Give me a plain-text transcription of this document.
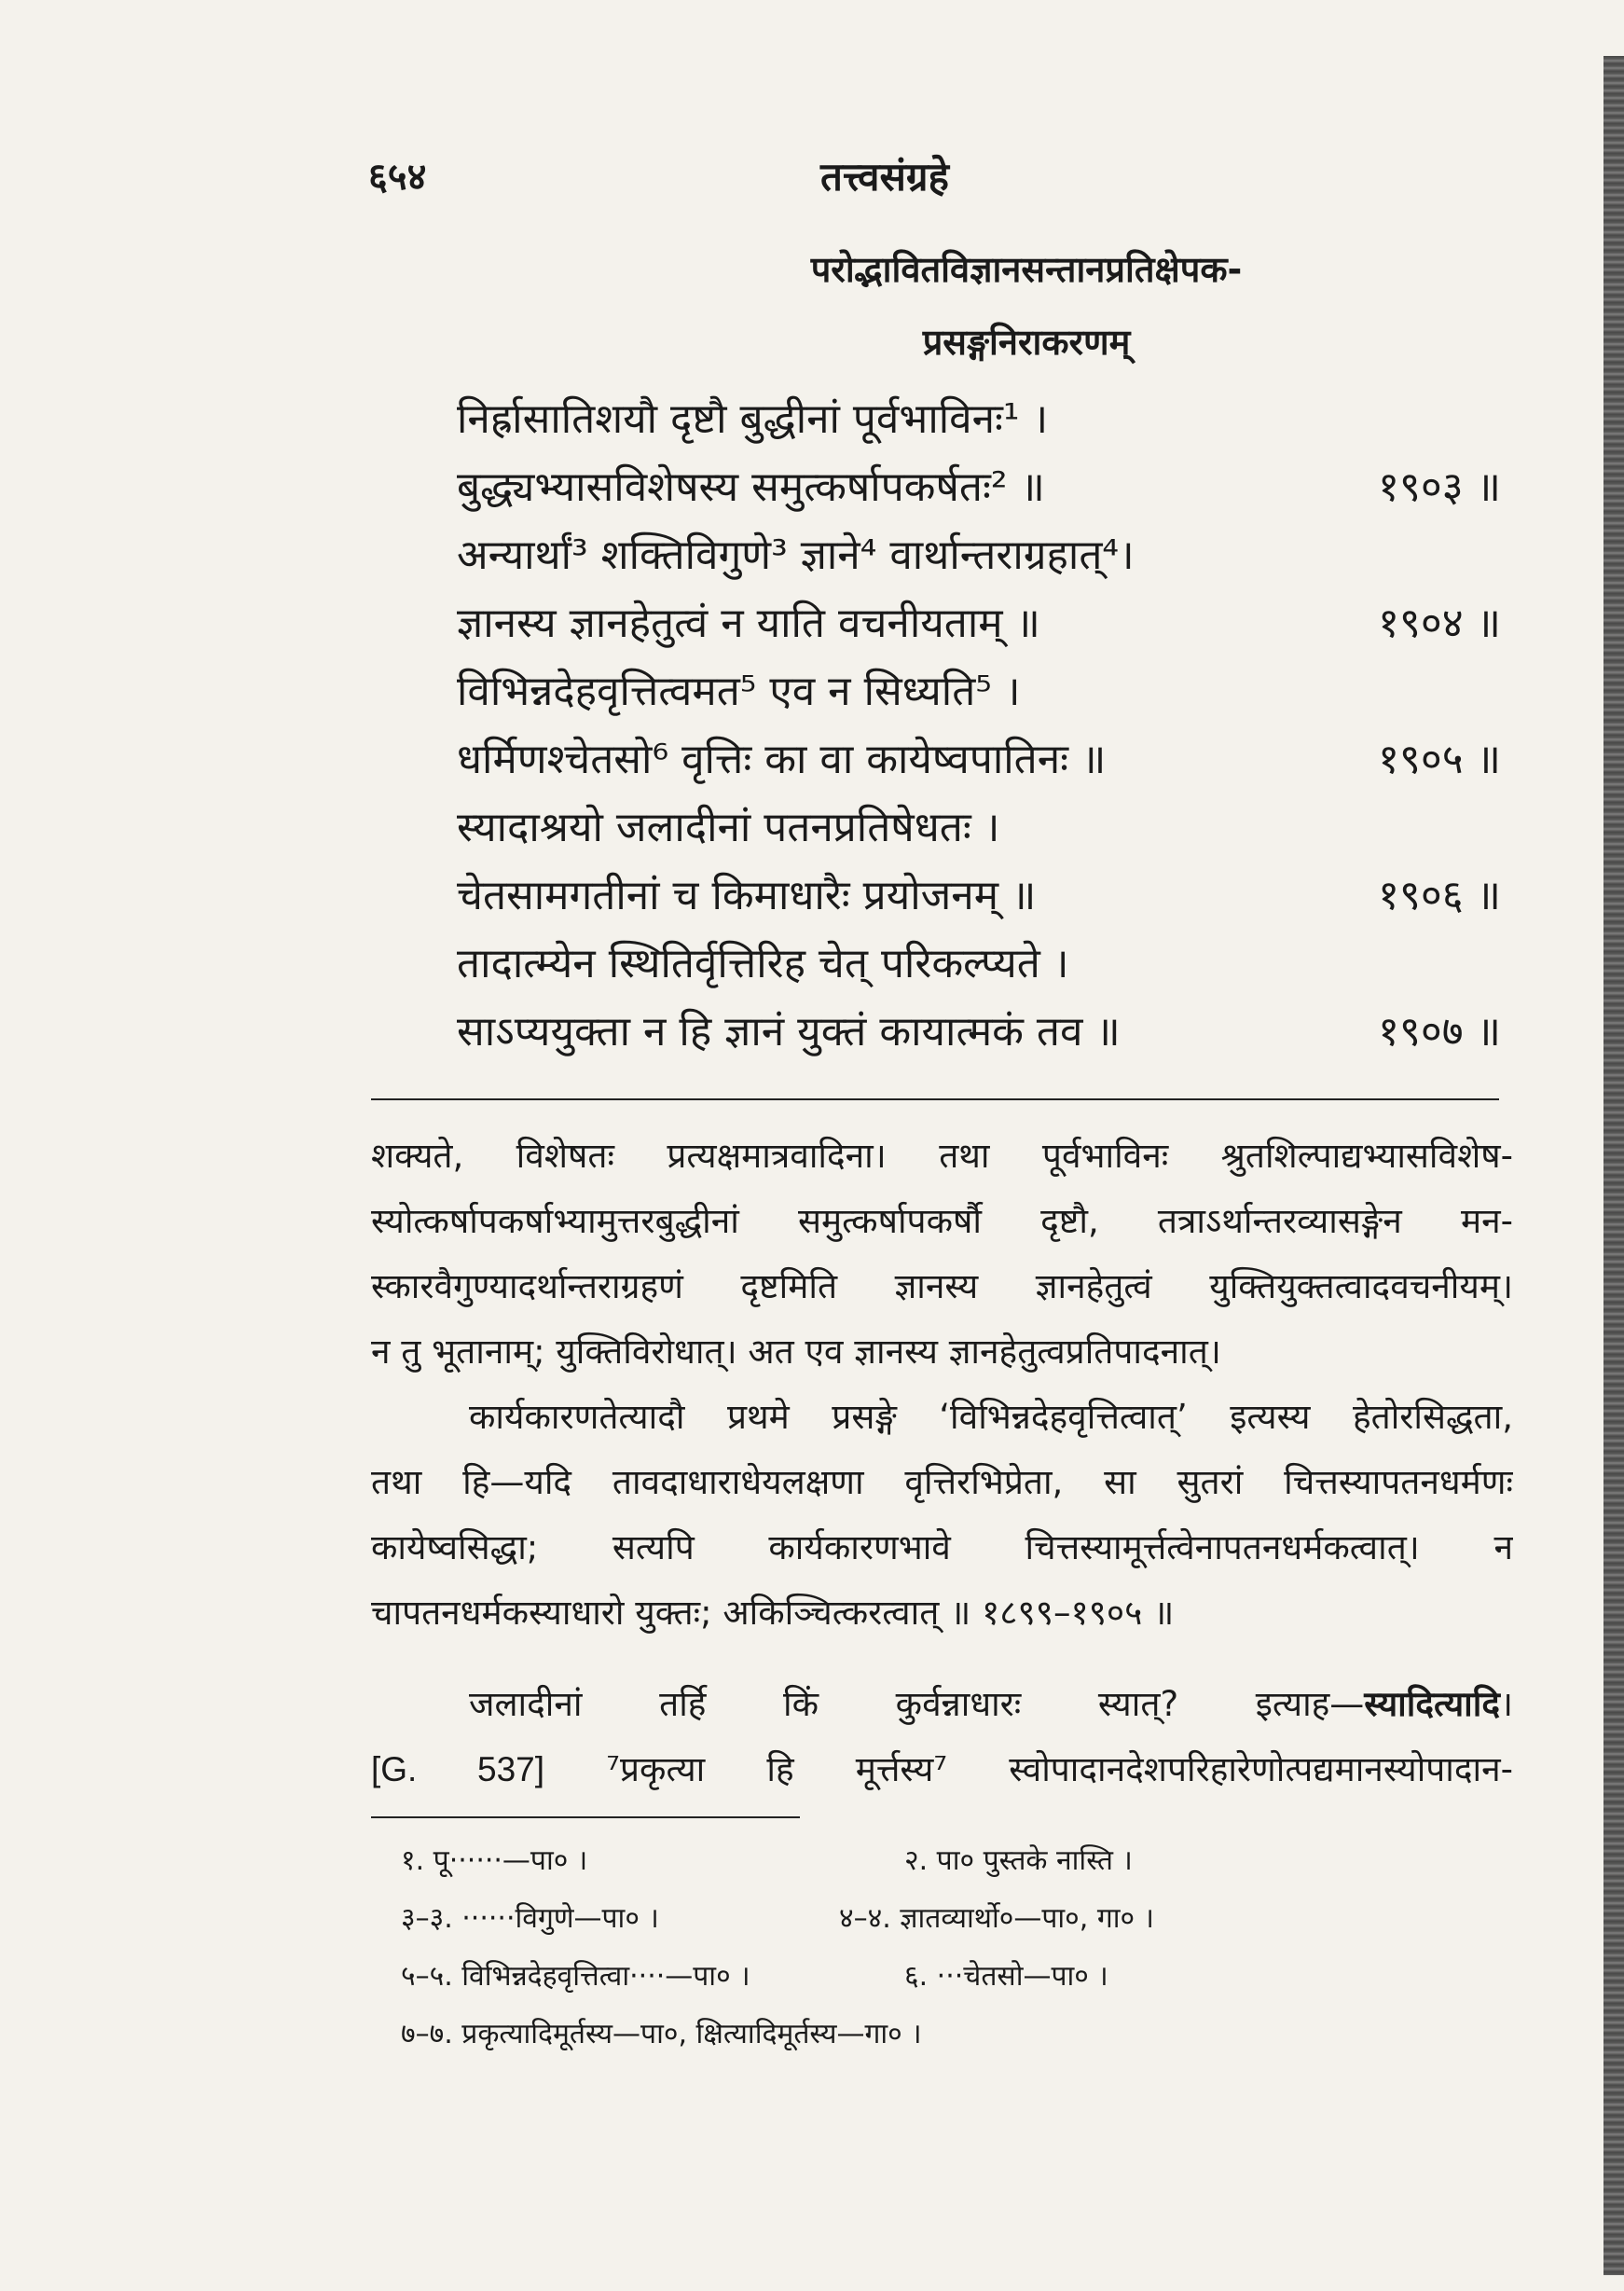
६५४	तत्त्वसंग्रहे
परोद्भावितविज्ञानसन्तानप्रतिक्षेपक-
प्रसङ्गनिराकरणम्
निर्ह्रासातिशयौ दृष्टौ बुद्धीनां पूर्वभाविनः¹ ।
बुद्ध्यभ्यासविशेषस्य समुत्कर्षापकर्षतः² ॥	१९०३ ॥
अन्यार्थां³ शक्तिविगुणे³ ज्ञाने⁴ वार्थान्तराग्रहात्⁴।
ज्ञानस्य ज्ञानहेतुत्वं न याति वचनीयताम् ॥	१९०४ ॥
विभिन्नदेहवृत्तित्वमत⁵ एव न सिध्यति⁵ ।
धर्मिणश्चेतसो⁶ वृत्तिः का वा कायेष्वपातिनः ॥	१९०५ ॥
स्यादाश्रयो जलादीनां पतनप्रतिषेधतः ।
चेतसामगतीनां च किमाधारैः प्रयोजनम् ॥	१९०६ ॥
तादात्म्येन स्थितिर्वृत्तिरिह चेत् परिकल्प्यते ।
साऽप्ययुक्ता न हि ज्ञानं युक्तं कायात्मकं तव ॥	१९०७ ॥
शक्यते, विशेषतः प्रत्यक्षमात्रवादिना। तथा पूर्वभाविनः श्रुतशिल्पाद्यभ्यासविशेष-
स्योत्कर्षापकर्षाभ्यामुत्तरबुद्धीनां समुत्कर्षापकर्षौ दृष्टौ, तत्राऽर्थान्तरव्यासङ्गेन मन-
स्कारवैगुण्यादर्थान्तराग्रहणं दृष्टमिति ज्ञानस्य ज्ञानहेतुत्वं युक्तियुक्तत्वादवचनीयम्।
न तु भूतानाम्; युक्तिविरोधात्। अत एव ज्ञानस्य ज्ञानहेतुत्वप्रतिपादनात्।
कार्यकारणतेत्यादौ प्रथमे प्रसङ्गे ‘विभिन्नदेहवृत्तित्वात्’ इत्यस्य हेतोरसिद्धता,
तथा हि—यदि तावदाधाराधेयलक्षणा वृत्तिरभिप्रेता, सा सुतरां चित्तस्यापतनधर्मणः
कायेष्वसिद्धा; सत्यपि कार्यकारणभावे चित्तस्यामूर्त्तत्वेनापतनधर्मकत्वात्। न
चापतनधर्मकस्याधारो युक्तः; अकिञ्चित्करत्वात् ॥ १८९९–१९०५ ॥
जलादीनां तर्हि किं कुर्वन्नाधारः स्यात्? इत्याह—स्यादित्यादि।
[G. 537] ⁷प्रकृत्या हि मूर्त्तस्य⁷ स्वोपादानदेशपरिहारेणोत्पद्यमानस्योपादान-
१. पू······—पा० ।	२. पा० पुस्तके नास्ति ।
३–३. ······विगुणे—पा० ।	४–४. ज्ञातव्यार्थो०—पा०, गा० ।
५–५. विभिन्नदेहवृत्तित्वा····—पा० ।	६. ···चेतसो—पा० ।
७–७. प्रकृत्यादिमूर्तस्य—पा०, क्षित्यादिमूर्तस्य—गा० ।
